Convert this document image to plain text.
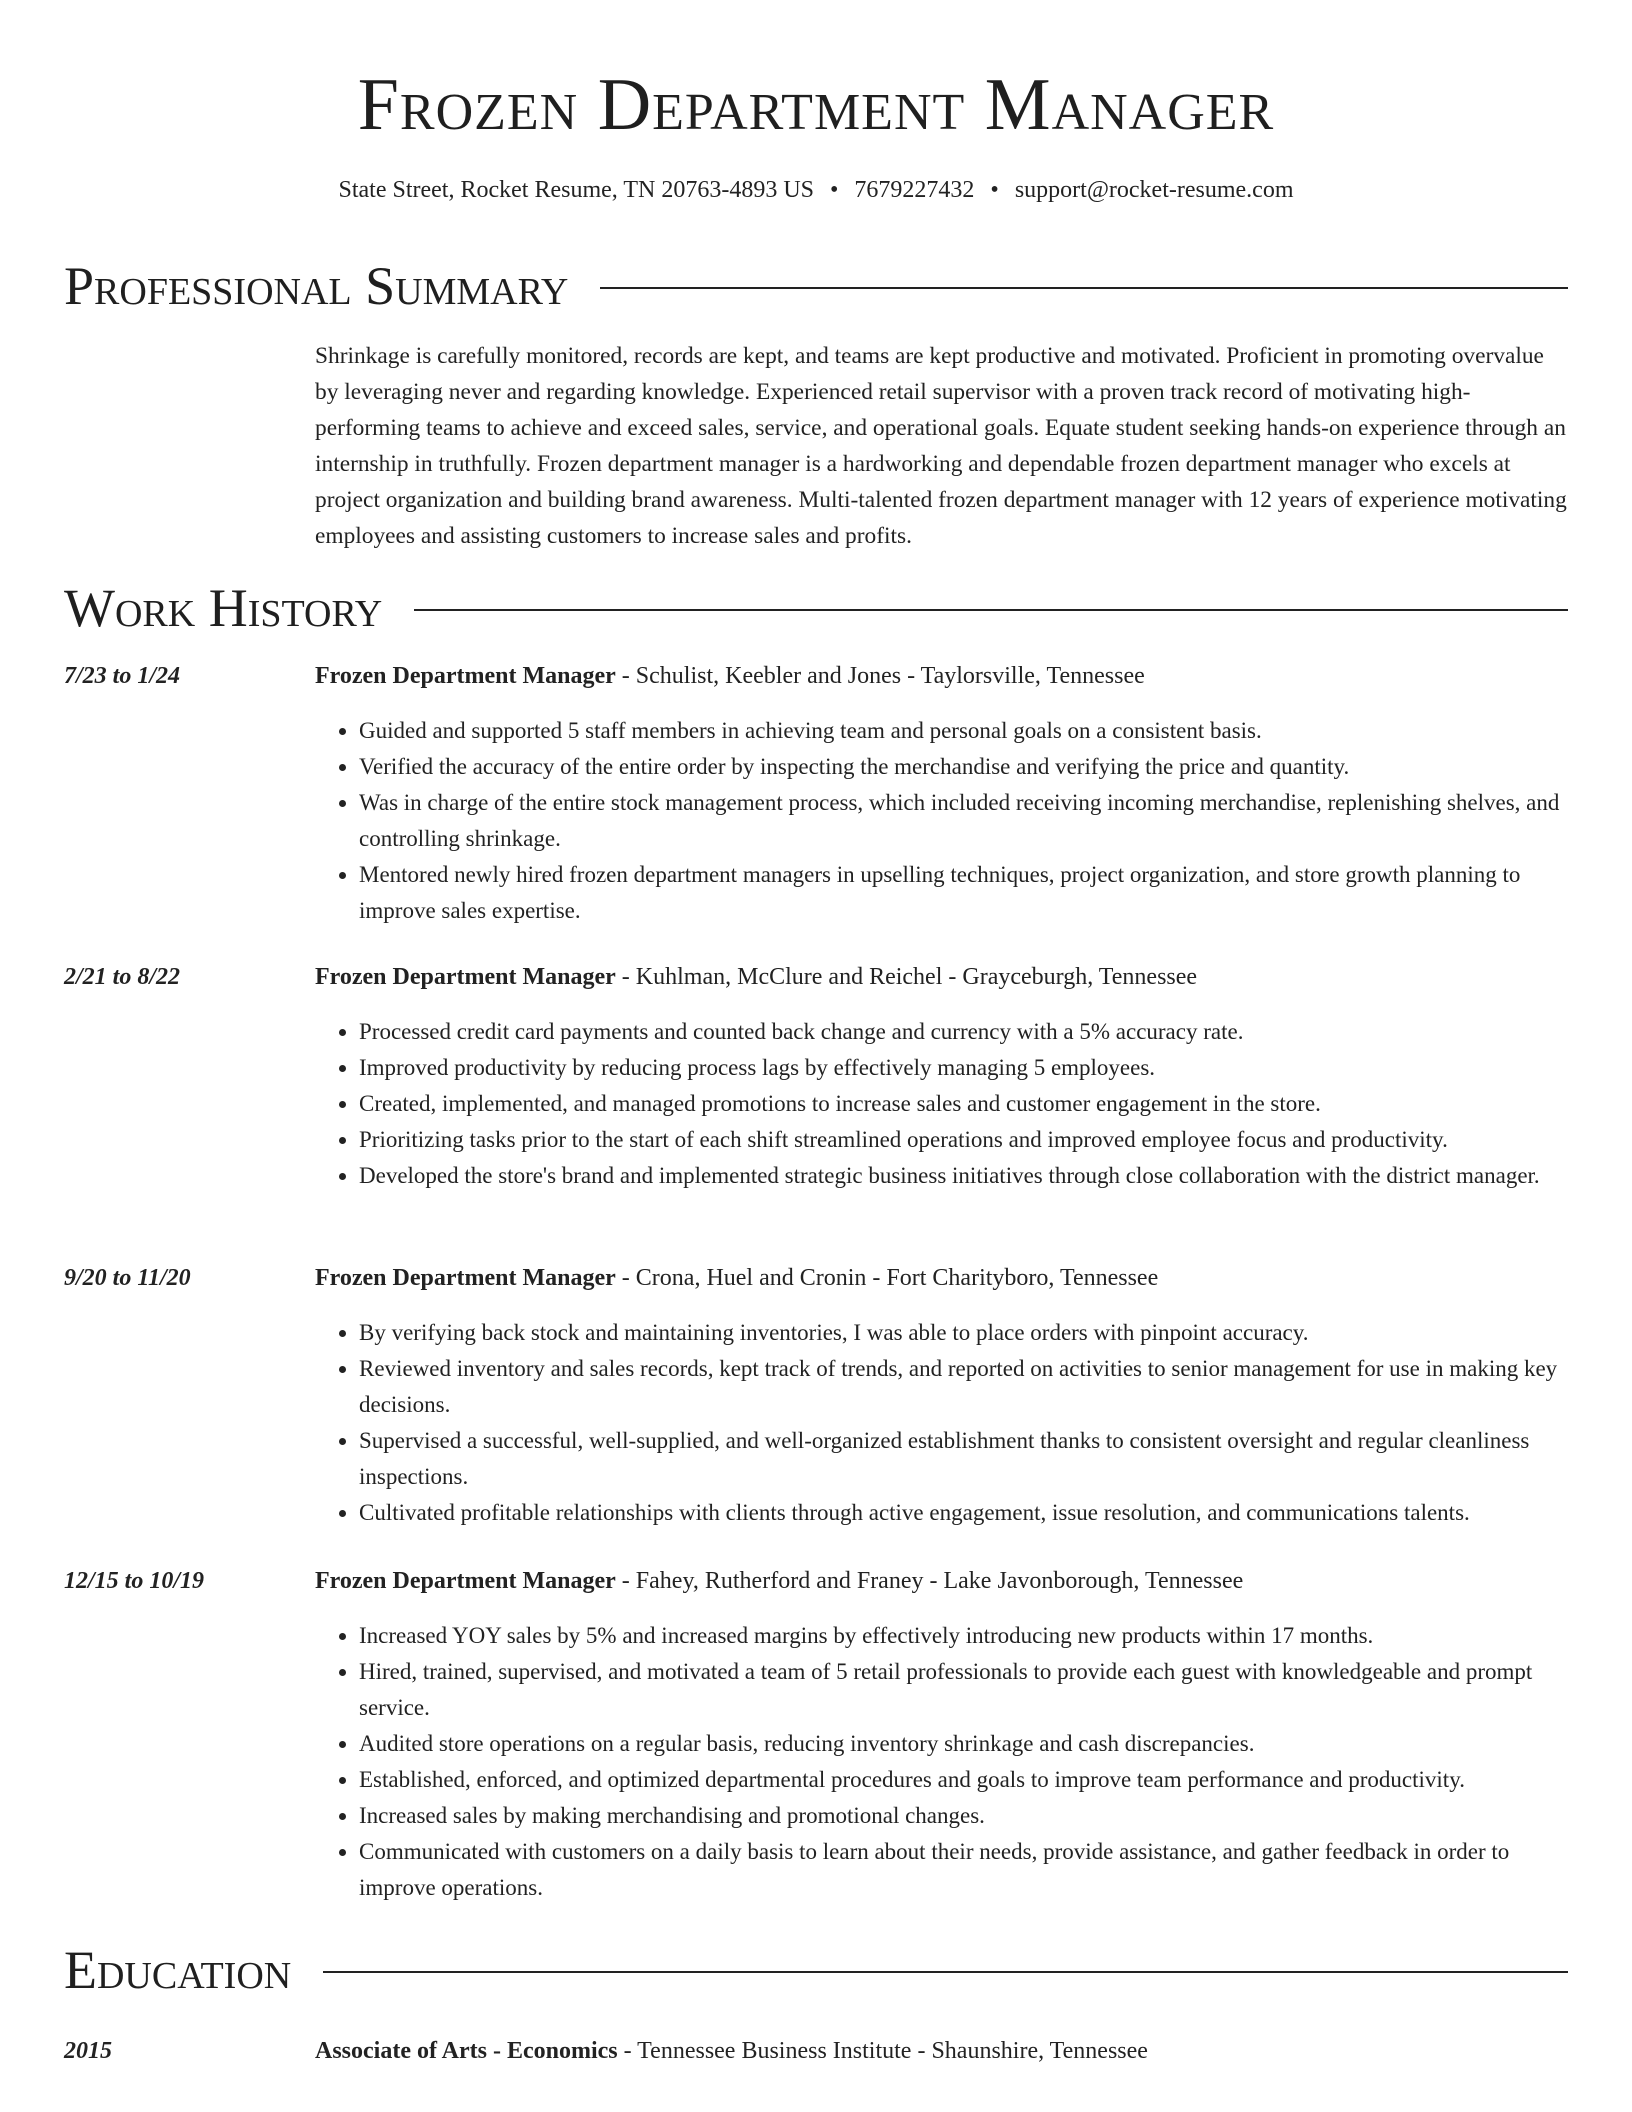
Frozen Department Manager
State Street, Rocket Resume, TN 20763-4893 US • 7679227432 • support@rocket-resume.com
Professional Summary
Shrinkage is carefully monitored, records are kept, and teams are kept productive and motivated. Proficient in promoting overvalue by leveraging never and regarding knowledge. Experienced retail supervisor with a proven track record of motivating high-performing teams to achieve and exceed sales, service, and operational goals. Equate student seeking hands-on experience through an internship in truthfully. Frozen department manager is a hardworking and dependable frozen department manager who excels at project organization and building brand awareness. Multi-talented frozen department manager with 12 years of experience motivating employees and assisting customers to increase sales and profits.
Work History
7/23 to 1/24	Frozen Department Manager - Schulist, Keebler and Jones - Taylorsville, Tennessee
• Guided and supported 5 staff members in achieving team and personal goals on a consistent basis.
• Verified the accuracy of the entire order by inspecting the merchandise and verifying the price and quantity.
• Was in charge of the entire stock management process, which included receiving incoming merchandise, replenishing shelves, and controlling shrinkage.
• Mentored newly hired frozen department managers in upselling techniques, project organization, and store growth planning to improve sales expertise.
2/21 to 8/22	Frozen Department Manager - Kuhlman, McClure and Reichel - Grayceburgh, Tennessee
• Processed credit card payments and counted back change and currency with a 5% accuracy rate.
• Improved productivity by reducing process lags by effectively managing 5 employees.
• Created, implemented, and managed promotions to increase sales and customer engagement in the store.
• Prioritizing tasks prior to the start of each shift streamlined operations and improved employee focus and productivity.
• Developed the store's brand and implemented strategic business initiatives through close collaboration with the district manager.
9/20 to 11/20	Frozen Department Manager - Crona, Huel and Cronin - Fort Charityboro, Tennessee
• By verifying back stock and maintaining inventories, I was able to place orders with pinpoint accuracy.
• Reviewed inventory and sales records, kept track of trends, and reported on activities to senior management for use in making key decisions.
• Supervised a successful, well-supplied, and well-organized establishment thanks to consistent oversight and regular cleanliness inspections.
• Cultivated profitable relationships with clients through active engagement, issue resolution, and communications talents.
12/15 to 10/19	Frozen Department Manager - Fahey, Rutherford and Franey - Lake Javonborough, Tennessee
• Increased YOY sales by 5% and increased margins by effectively introducing new products within 17 months.
• Hired, trained, supervised, and motivated a team of 5 retail professionals to provide each guest with knowledgeable and prompt service.
• Audited store operations on a regular basis, reducing inventory shrinkage and cash discrepancies.
• Established, enforced, and optimized departmental procedures and goals to improve team performance and productivity.
• Increased sales by making merchandising and promotional changes.
• Communicated with customers on a daily basis to learn about their needs, provide assistance, and gather feedback in order to improve operations.
Education
2015	Associate of Arts - Economics - Tennessee Business Institute - Shaunshire, Tennessee
